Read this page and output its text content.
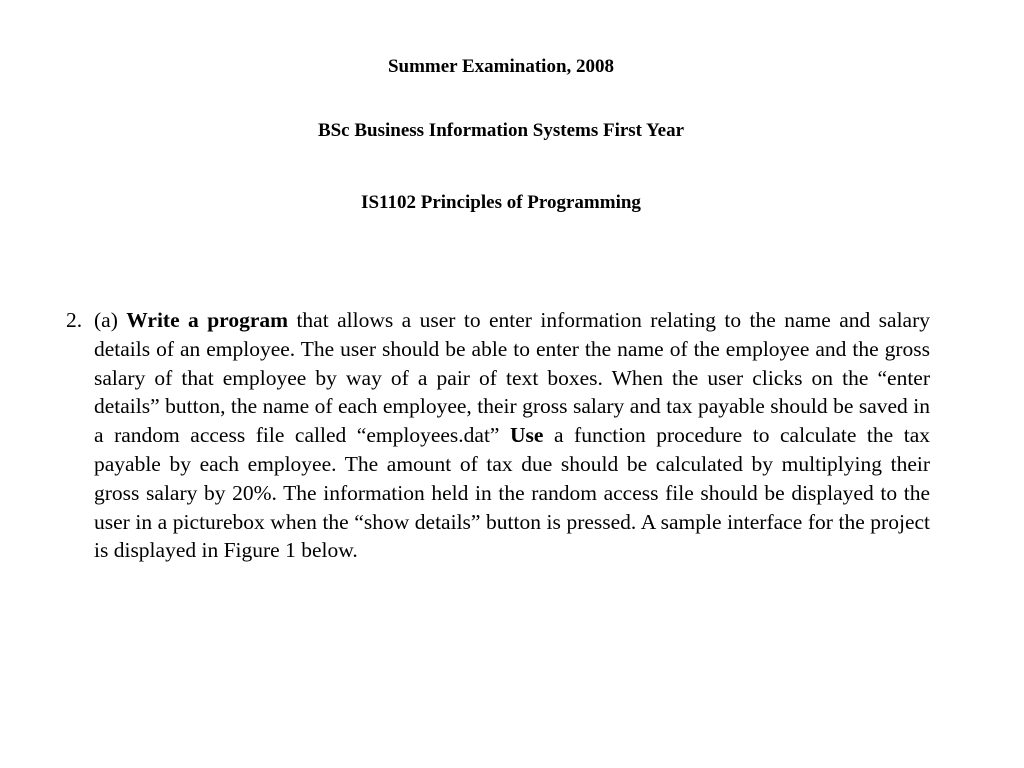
Summer Examination, 2008

BSc Business Information Systems First Year

IS1102 Principles of Programming

2. (a) Write a program that allows a user to enter information relating to the name and salary details of an employee. The user should be able to enter the name of the employee and the gross salary of that employee by way of a pair of text boxes. When the user clicks on the “enter details” button, the name of each employee, their gross salary and tax payable should be saved in a random access file called “employees.dat” Use a function procedure to calculate the tax payable by each employee. The amount of tax due should be calculated by multiplying their gross salary by 20%. The information held in the random access file should be displayed to the user in a picturebox when the “show details” button is pressed. A sample interface for the project is displayed in Figure 1 below.
